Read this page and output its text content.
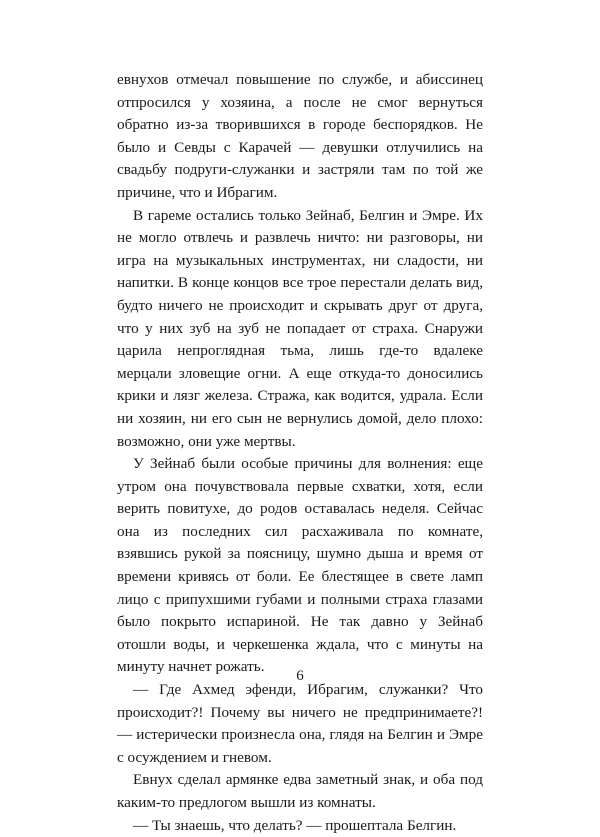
евнухов отмечал повышение по службе, и абиссинец отпросился у хозяина, а после не смог вернуться обратно из-за творившихся в городе беспорядков. Не было и Севды с Карачей — девушки отлучились на свадьбу подруги-служанки и застряли там по той же причине, что и Ибрагим.

В гареме остались только Зейнаб, Белгин и Эмре. Их не могло отвлечь и развлечь ничто: ни разговоры, ни игра на музыкальных инструментах, ни сладости, ни напитки. В конце концов все трое перестали делать вид, будто ничего не происходит и скрывать друг от друга, что у них зуб на зуб не попадает от страха. Снаружи царила непроглядная тьма, лишь где-то вдалеке мерцали зловещие огни. А еще откуда-то доносились крики и лязг железа. Стража, как водится, удрала. Если ни хозяин, ни его сын не вернулись домой, дело плохо: возможно, они уже мертвы.

У Зейнаб были особые причины для волнения: еще утром она почувствовала первые схватки, хотя, если верить повитухе, до родов оставалась неделя. Сейчас она из последних сил расхаживала по комнате, взявшись рукой за поясницу, шумно дыша и время от времени кривясь от боли. Ее блестящее в свете ламп лицо с припухшими губами и полными страха глазами было покрыто испариной. Не так давно у Зейнаб отошли воды, и черкешенка ждала, что с минуты на минуту начнет рожать.

— Где Ахмед эфенди, Ибрагим, служанки? Что происходит?! Почему вы ничего не предпринимаете?! — истерически произнесла она, глядя на Белгин и Эмре с осуждением и гневом.

Евнух сделал армянке едва заметный знак, и оба под каким-то предлогом вышли из комнаты.

— Ты знаешь, что делать? — прошептала Белгин.

6
